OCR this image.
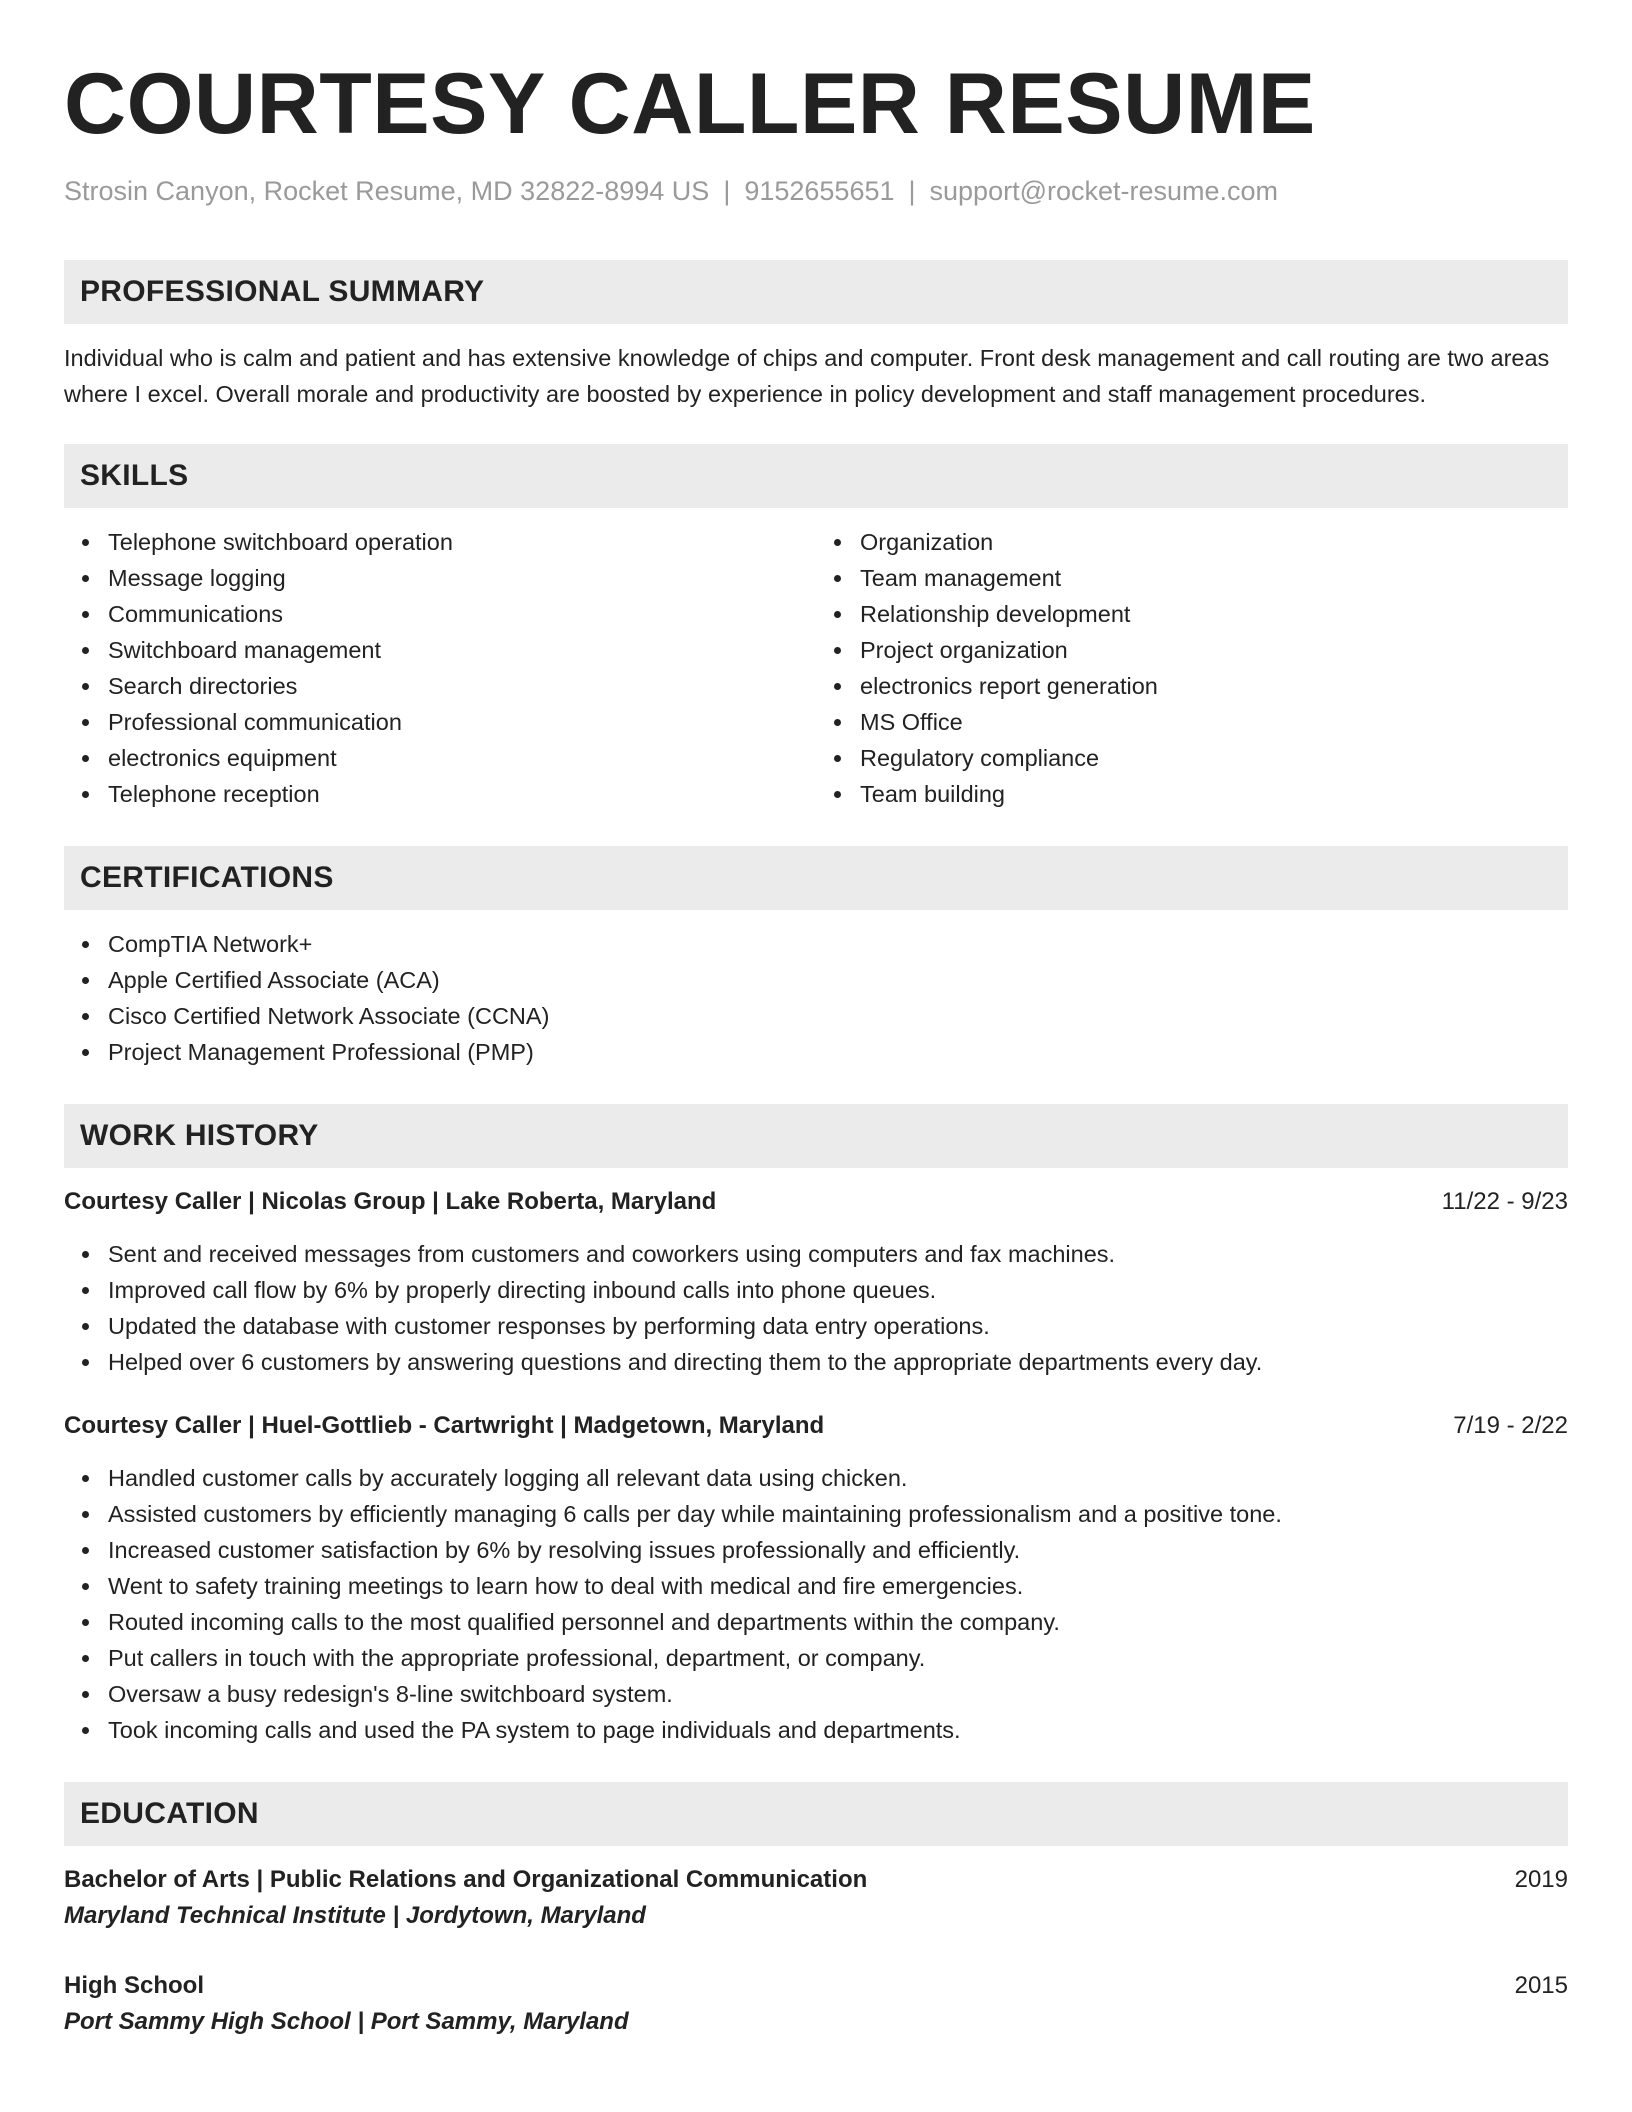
COURTESY CALLER RESUME
Strosin Canyon, Rocket Resume, MD 32822-8994 US | 9152655651 | support@rocket-resume.com
PROFESSIONAL SUMMARY

Individual who is calm and patient and has extensive knowledge of chips and computer. Front desk management and call routing are two areas where I excel. Overall morale and productivity are boosted by experience in policy development and staff management procedures.

SKILLS
Telephone switchboard operation
Message logging
Communications
Switchboard management
Search directories
Professional communication
electronics equipment
Telephone reception
Organization
Team management
Relationship development
Project organization
electronics report generation
MS Office
Regulatory compliance
Team building
CERTIFICATIONS
CompTIA Network+
Apple Certified Associate (ACA)
Cisco Certified Network Associate (CCNA)
Project Management Professional (PMP)
WORK HISTORY
Courtesy Caller | Nicolas Group | Lake Roberta, Maryland	11/22 - 9/23
Sent and received messages from customers and coworkers using computers and fax machines.
Improved call flow by 6% by properly directing inbound calls into phone queues.
Updated the database with customer responses by performing data entry operations.
Helped over 6 customers by answering questions and directing them to the appropriate departments every day.
Courtesy Caller | Huel-Gottlieb - Cartwright | Madgetown, Maryland	7/19 - 2/22
Handled customer calls by accurately logging all relevant data using chicken.
Assisted customers by efficiently managing 6 calls per day while maintaining professionalism and a positive tone.
Increased customer satisfaction by 6% by resolving issues professionally and efficiently.
Went to safety training meetings to learn how to deal with medical and fire emergencies.
Routed incoming calls to the most qualified personnel and departments within the company.
Put callers in touch with the appropriate professional, department, or company.
Oversaw a busy redesign's 8-line switchboard system.
Took incoming calls and used the PA system to page individuals and departments.
EDUCATION
Bachelor of Arts | Public Relations and Organizational Communication	2019
Maryland Technical Institute | Jordytown, Maryland
High School	2015
Port Sammy High School | Port Sammy, Maryland
